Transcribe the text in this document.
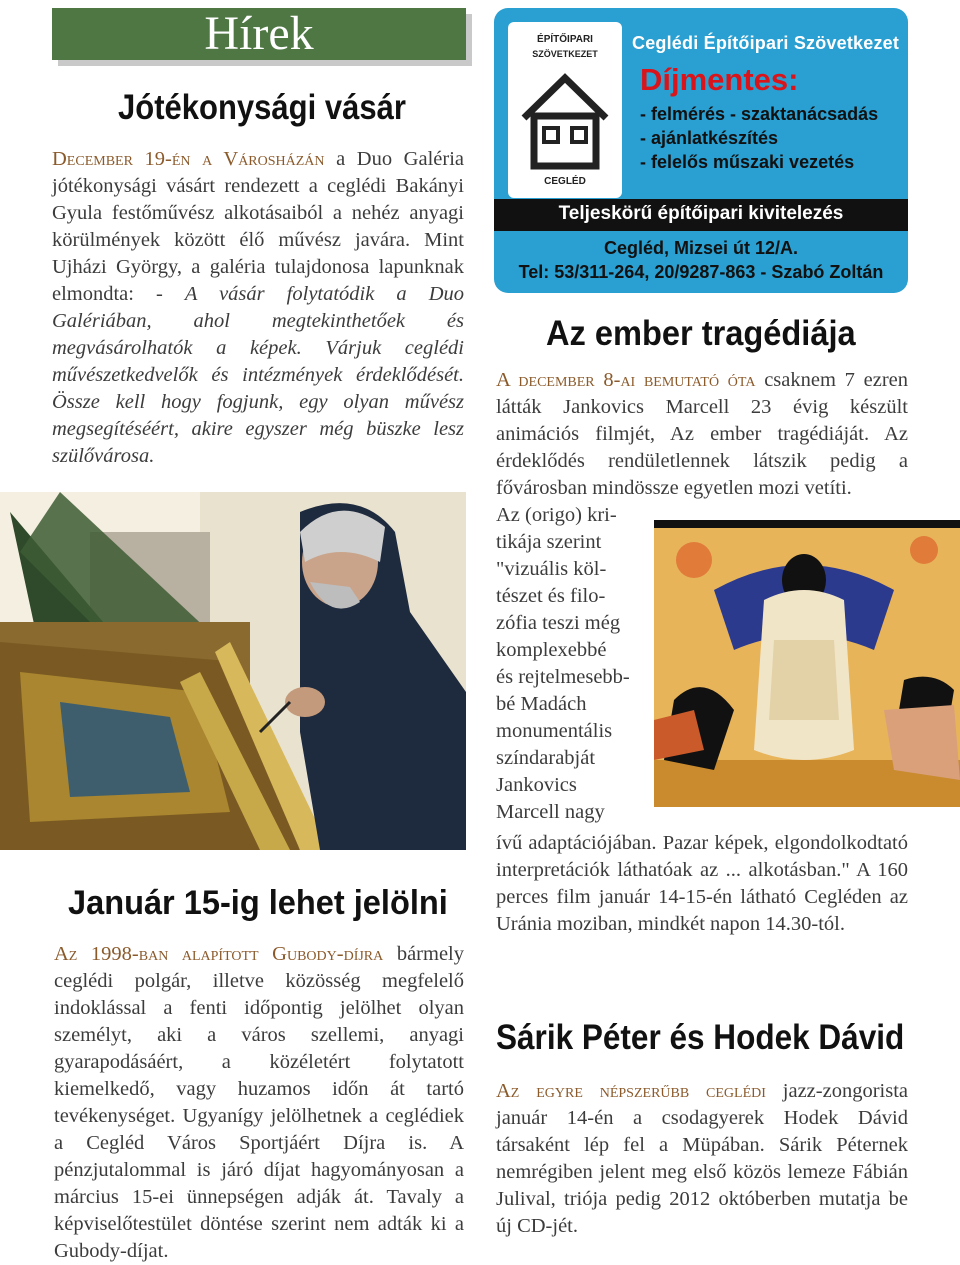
Hírek
Jótékonysági vásár

December 19-én a Városházán a Duo Galéria jótékonysági vásárt rendezett a ceglédi Bakányi Gyula festőművész alkotásaiból a nehéz anyagi körülmények között élő művész javára. Mint Ujházi György, a galéria tulajdonosa lapunknak elmondta: - A vásár folytatódik a Duo Galériában, ahol megtekinthetőek és megvásárolhatók a képek. Várjuk ceglédi művészetkedvelők és intézmények érdeklődését. Össze kell hogy fogjunk, egy olyan művész megsegítéséért, akire egyszer még büszke lesz szülővárosa.

Január 15-ig lehet jelölni

Az 1998-ban alapított Gubody-díjra bármely ceglédi polgár, illetve közösség megfelelő indoklással a fenti időpontig jelölhet olyan személyt, aki a város szellemi, anyagi gyarapodásáért, a közéletért folytatott kiemelkedő, vagy huzamos időn át tartó tevékenységet. Ugyanígy jelölhetnek a ceglédiek a Cegléd Város Sportjáért Díjra is. A pénzjutalommal is járó díjat hagyományosan a március 15-ei ünnepségen adják át. Tavaly a képviselőtestület döntése szerint nem adták ki a Gubody-díjat.

ÉPÍTŐIPARI
SZÖVETKEZET
CEGLÉD
Ceglédi Építőipari Szövetkezet
Díjmentes:
- felmérés - szaktanácsadás
- ajánlatkészítés
- felelős műszaki vezetés
Teljeskörű építőipari kivitelezés
Cegléd, Mizsei út 12/A.
Tel: 53/311-264, 20/9287-863 - Szabó Zoltán
Az ember tragédiája

A december 8-ai bemutató óta csaknem 7 ezren látták Jankovics Marcell 23 évig készült animációs filmjét, Az ember tragédiáját. Az érdeklődés rendületlennek látszik pedig a fővárosban mindössze egyetlen mozi vetíti.

Az (origo) kri-
tikája szerint
"vizuális köl-
tészet és filo-
zófia teszi még
komplexebbé
és rejtelmesebb-
bé Madách
monumentális
színdarabját
Jankovics
Marcell nagy

ívű adaptációjában. Pazar képek, elgondolkodtató interpretációk láthatóak az ... alkotásban." A 160 perces film január 14-15-én látható Cegléden az Uránia moziban, mindkét napon 14.30-tól.

Sárik Péter és Hodek Dávid

Az egyre népszerűbb ceglédi jazz-zongorista január 14-én a csodagyerek Hodek Dávid társaként lép fel a Müpában. Sárik Péternek nemrégiben jelent meg első közös lemeze Fábián Julival, triója pedig 2012 októberben mutatja be új CD-jét.
